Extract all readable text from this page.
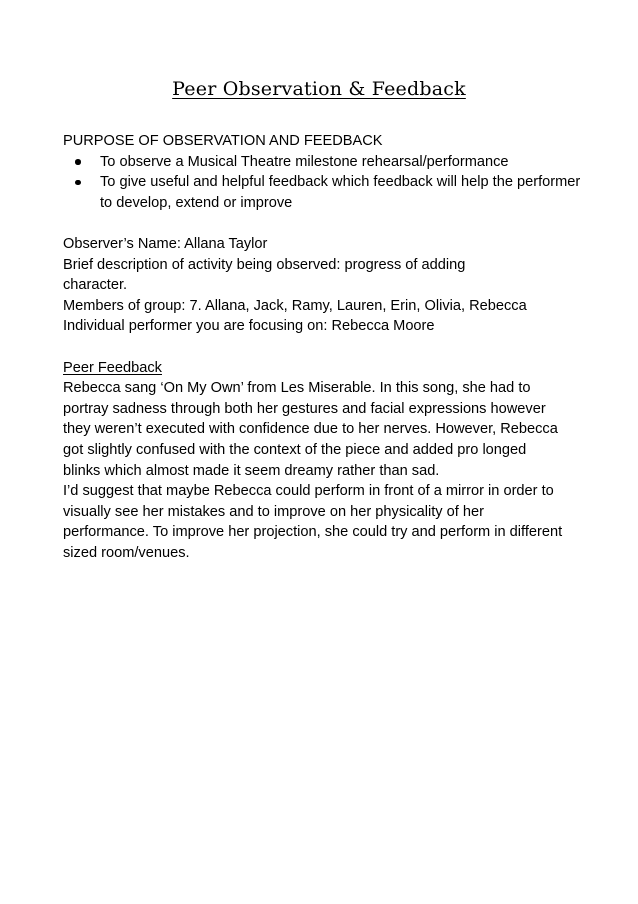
Peer Observation & Feedback

PURPOSE OF OBSERVATION AND FEEDBACK

To observe a Musical Theatre milestone rehearsal/performance
To give useful and helpful feedback which feedback will help the performer to develop, extend or improve

Observer’s Name: Allana Taylor

Brief description of activity being observed: progress of adding character.

Members of group: 7. Allana, Jack, Ramy, Lauren, Erin, Olivia, Rebecca

Individual performer you are focusing on: Rebecca Moore

Peer Feedback

Rebecca sang ‘On My Own’ from Les Miserable. In this song, she had to portray sadness through both her gestures and facial expressions however they weren’t executed with confidence due to her nerves. However, Rebecca got slightly confused with the context of the piece and added pro longed blinks which almost made it seem dreamy rather than sad.

I’d suggest that maybe Rebecca could perform in front of a mirror in order to visually see her mistakes and to improve on her physicality of her performance. To improve her projection, she could try and perform in different sized room/venues.
